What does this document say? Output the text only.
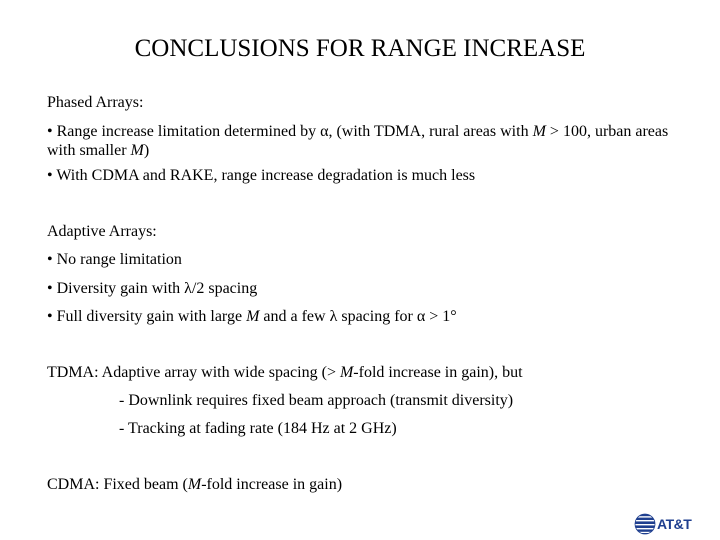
CONCLUSIONS FOR RANGE INCREASE
Phased Arrays:
• Range increase limitation determined by α, (with TDMA, rural areas with M > 100, urban areas with smaller M)
• With CDMA and RAKE, range increase degradation is much less
Adaptive Arrays:
• No range limitation
• Diversity gain with λ/2 spacing
• Full diversity gain with large M and a few λ spacing for α > 1°
TDMA: Adaptive array with wide spacing (> M-fold increase in gain), but
- Downlink requires fixed beam approach (transmit diversity)
- Tracking at fading rate (184 Hz at 2 GHz)
CDMA: Fixed beam (M-fold increase in gain)
AT&T
